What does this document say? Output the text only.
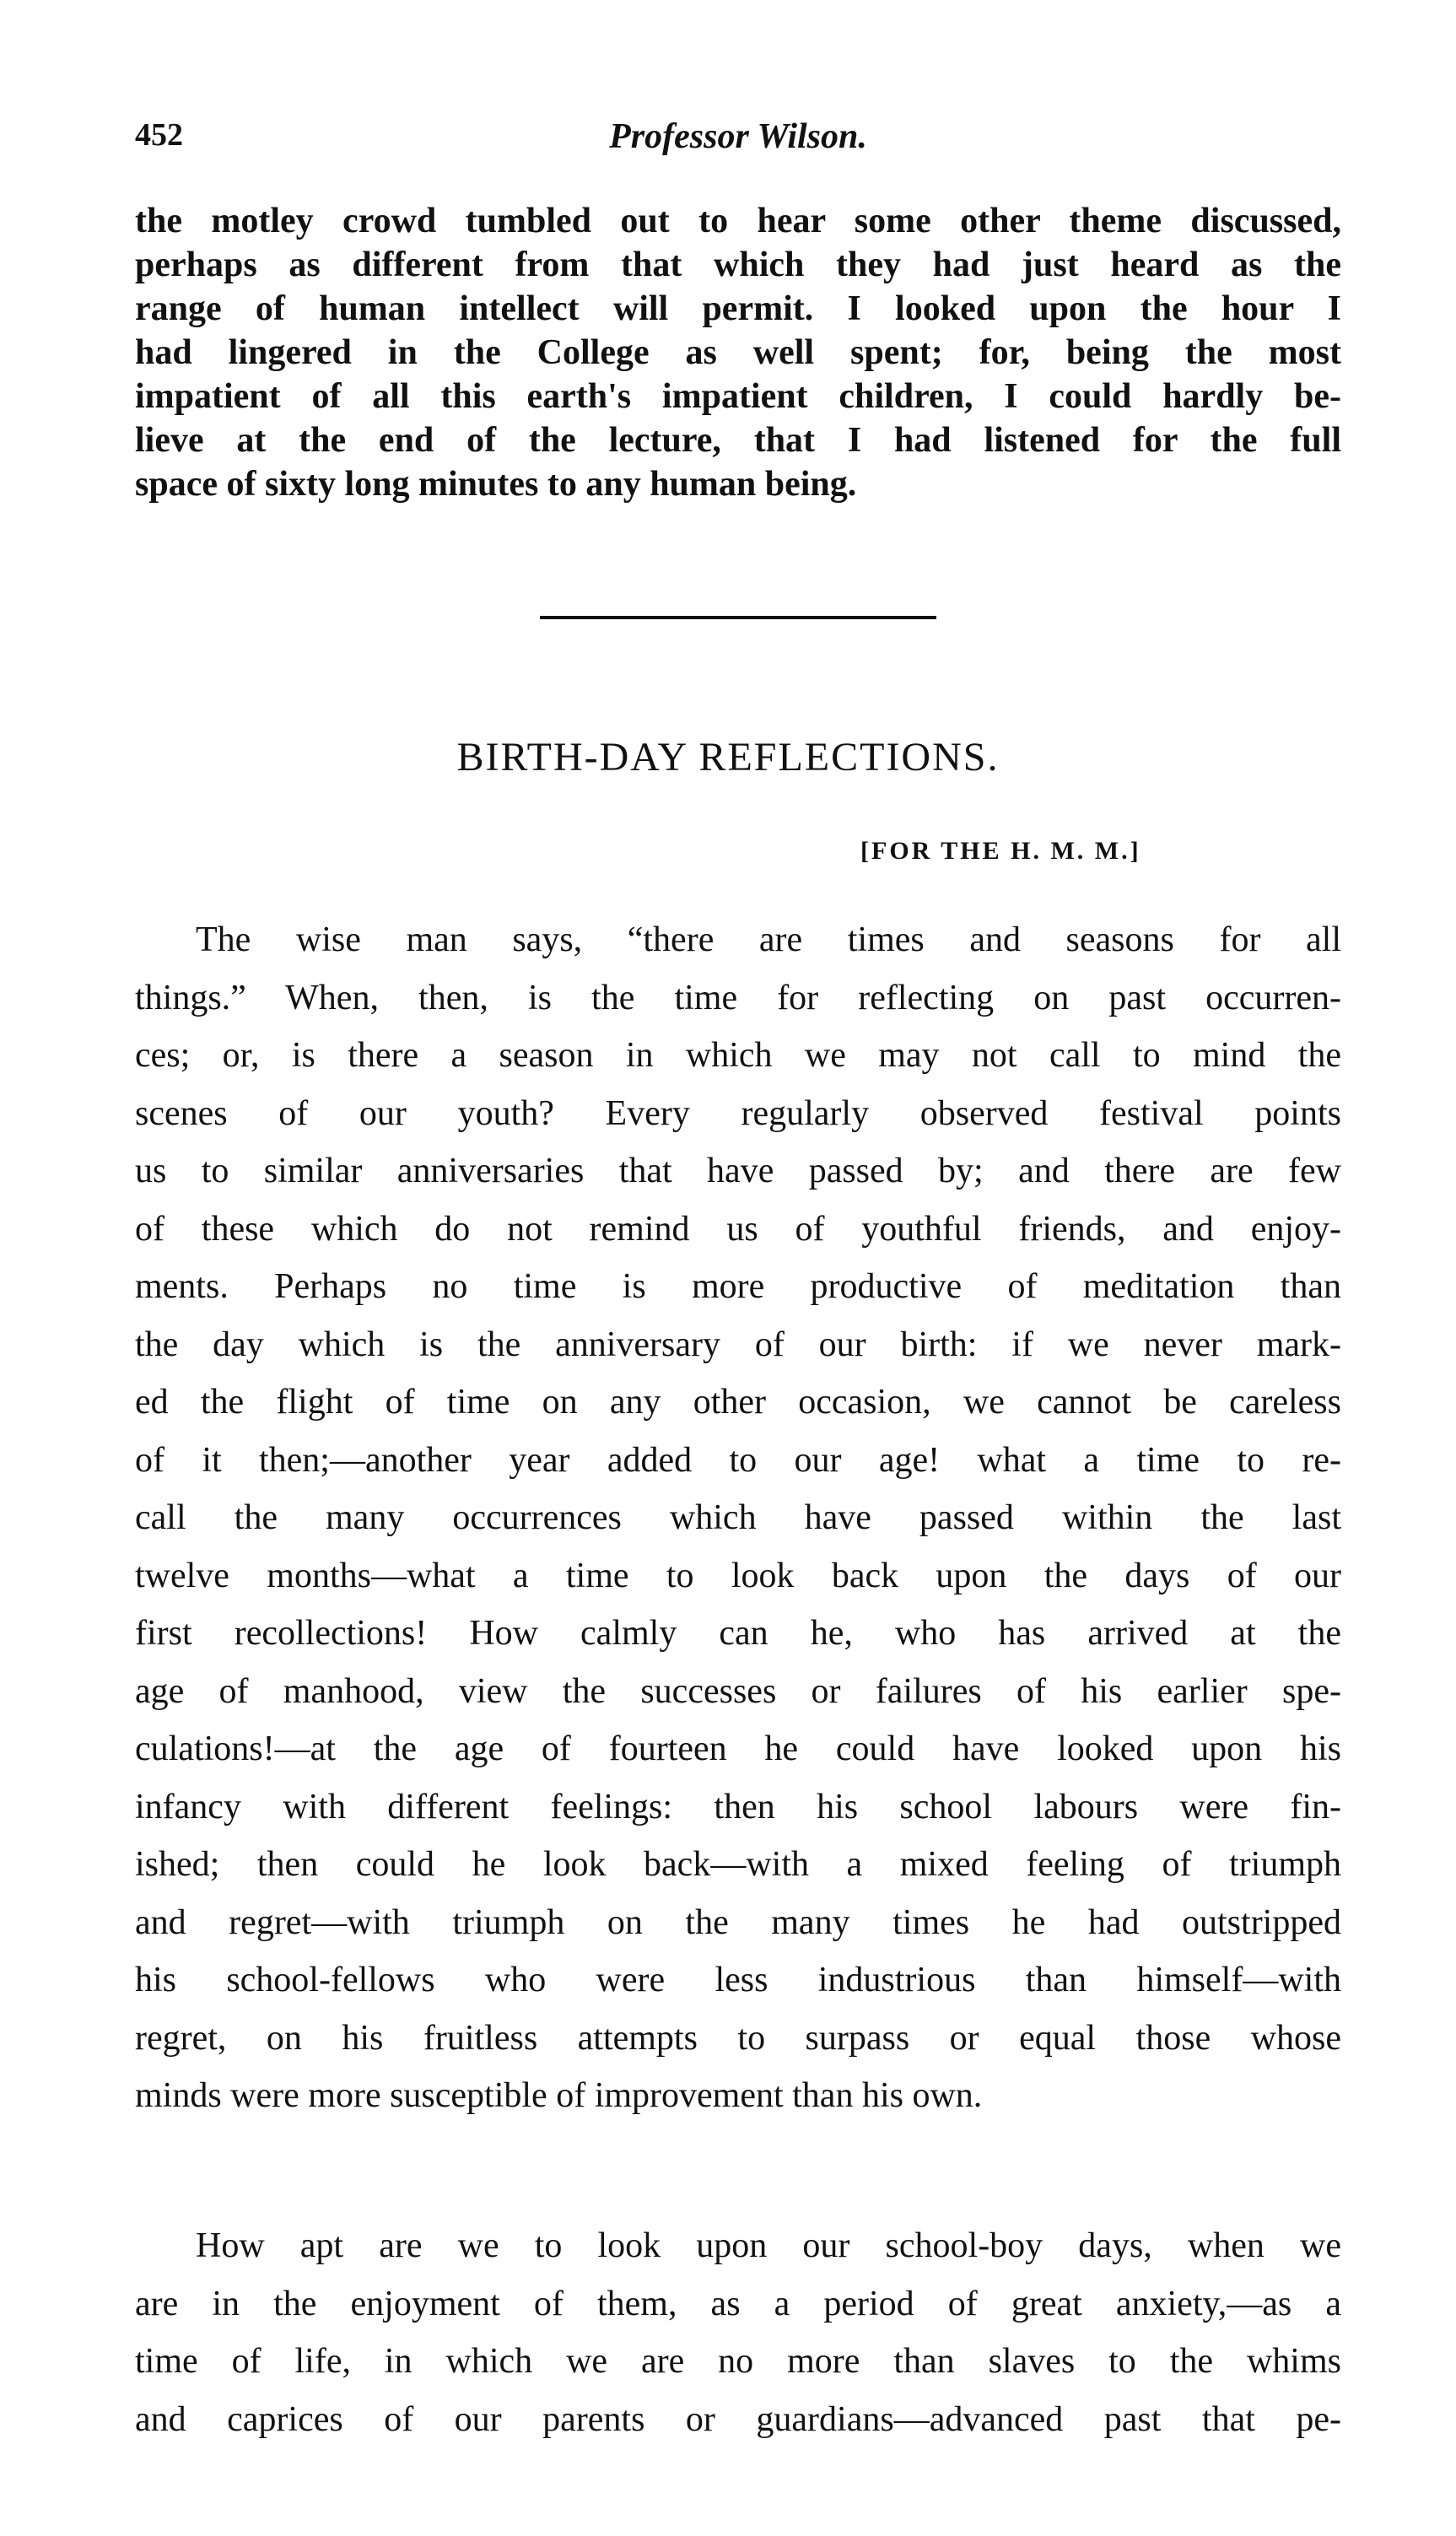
452	Professor Wilson.
the motley crowd tumbled out to hear some other theme discussed,
perhaps as different from that which they had just heard as the
range of human intellect will permit. I looked upon the hour I
had lingered in the College as well spent; for, being the most
impatient of all this earth's impatient children, I could hardly be-
lieve at the end of the lecture, that I had listened for the full
space of sixty long minutes to any human being.
BIRTH-DAY REFLECTIONS.
[FOR THE H. M. M.]
The wise man says, “there are times and seasons for all
things.” When, then, is the time for reflecting on past occurren-
ces; or, is there a season in which we may not call to mind the
scenes of our youth? Every regularly observed festival points
us to similar anniversaries that have passed by; and there are few
of these which do not remind us of youthful friends, and enjoy-
ments. Perhaps no time is more productive of meditation than
the day which is the anniversary of our birth: if we never mark-
ed the flight of time on any other occasion, we cannot be careless
of it then;—another year added to our age! what a time to re-
call the many occurrences which have passed within the last
twelve months—what a time to look back upon the days of our
first recollections! How calmly can he, who has arrived at the
age of manhood, view the successes or failures of his earlier spe-
culations!—at the age of fourteen he could have looked upon his
infancy with different feelings: then his school labours were fin-
ished; then could he look back—with a mixed feeling of triumph
and regret—with triumph on the many times he had outstripped
his school-fellows who were less industrious than himself—with
regret, on his fruitless attempts to surpass or equal those whose
minds were more susceptible of improvement than his own.
How apt are we to look upon our school-boy days, when we
are in the enjoyment of them, as a period of great anxiety,—as a
time of life, in which we are no more than slaves to the whims
and caprices of our parents or guardians—advanced past that pe-
